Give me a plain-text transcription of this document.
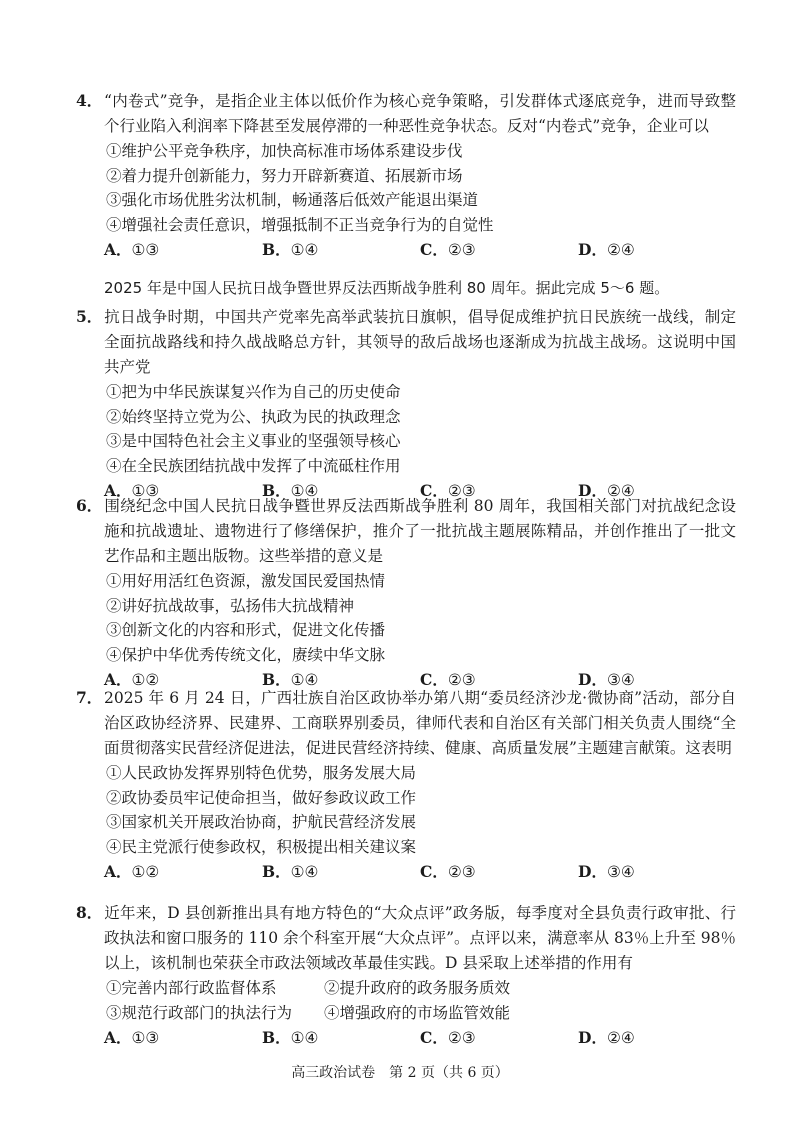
4． “内卷式”竞争，是指企业主体以低价作为核心竞争策略，引发群体式逐底竞争，进而导致整个行业陷入利润率下降甚至发展停滞的一种恶性竞争状态。反对“内卷式”竞争，企业可以

①维护公平竞争秩序，加快高标准市场体系建设步伐
②着力提升创新能力，努力开辟新赛道、拓展新市场
③强化市场优胜劣汰机制，畅通落后低效产能退出渠道
④增强社会责任意识，增强抵制不正当竞争行为的自觉性
A．①③	B．①④	C．②③	D．②④
2025 年是中国人民抗日战争暨世界反法西斯战争胜利 80 周年。据此完成 5～6 题。

5． 抗日战争时期，中国共产党率先高举武装抗日旗帜，倡导促成维护抗日民族统一战线，制定全面抗战路线和持久战战略总方针，其领导的敌后战场也逐渐成为抗战主战场。这说明中国共产党

①把为中华民族谋复兴作为自己的历史使命
②始终坚持立党为公、执政为民的执政理念
③是中国特色社会主义事业的坚强领导核心
④在全民族团结抗战中发挥了中流砥柱作用
A．①③	B．①④	C．②③	D．②④

6． 围绕纪念中国人民抗日战争暨世界反法西斯战争胜利 80 周年，我国相关部门对抗战纪念设施和抗战遗址、遗物进行了修缮保护，推介了一批抗战主题展陈精品，并创作推出了一批文艺作品和主题出版物。这些举措的意义是

①用好用活红色资源，激发国民爱国热情
②讲好抗战故事，弘扬伟大抗战精神
③创新文化的内容和形式，促进文化传播
④保护中华优秀传统文化，赓续中华文脉
A．①②	B．①④	C．②③	D．③④

7． 2025 年 6 月 24 日，广西壮族自治区政协举办第八期“委员经济沙龙·微协商”活动，部分自治区政协经济界、民建界、工商联界别委员，律师代表和自治区有关部门相关负责人围绕“全面贯彻落实民营经济促进法，促进民营经济持续、健康、高质量发展”主题建言献策。这表明

①人民政协发挥界别特色优势，服务发展大局
②政协委员牢记使命担当，做好参政议政工作
③国家机关开展政治协商，护航民营经济发展
④民主党派行使参政权，积极提出相关建议案
A．①②	B．①④	C．②③	D．③④

8． 近年来，D 县创新推出具有地方特色的“大众点评”政务版，每季度对全县负责行政审批、行政执法和窗口服务的 110 余个科室开展“大众点评”。点评以来，满意率从 83％上升至 98％以上，该机制也荣获全市政法领域改革最佳实践。D 县采取上述举措的作用有

①完善内部行政监督体系	②提升政府的政务服务质效
③规范行政部门的执法行为	④增强政府的市场监管效能
A．①③	B．①④	C．②③	D．②④
高三政治试卷　第 2 页（共 6 页）
